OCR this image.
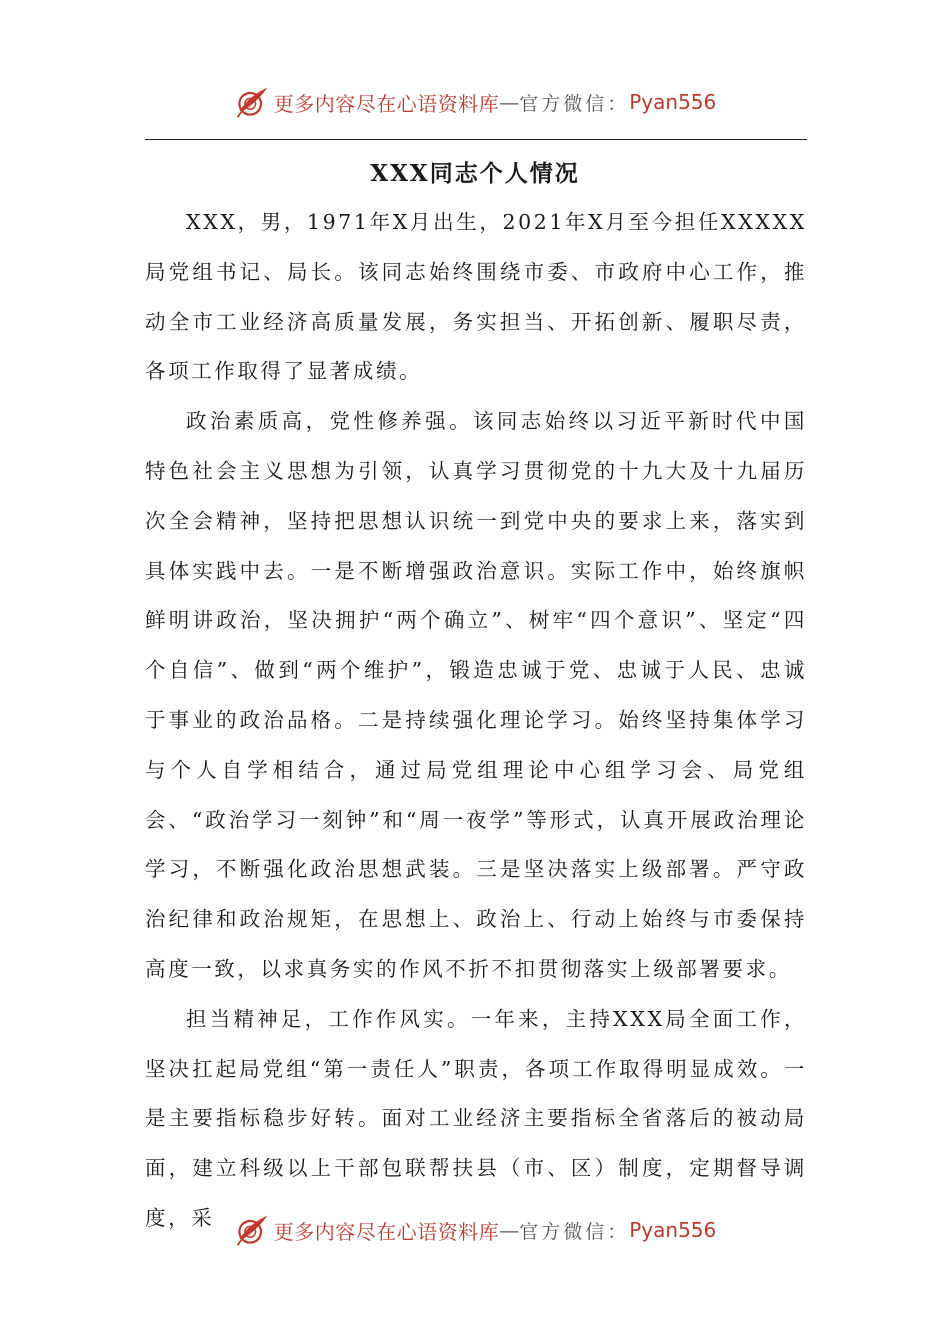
更多内容尽在心语资料库 — 官方微信： Pyan556
XXX同志个人情况

XXX，男，1971年X月出生，2021年X月至今担任XXXXX局党组书记、局长。该同志始终围绕市委、市政府中心工作，推动全市工业经济高质量发展，务实担当、开拓创新、履职尽责，各项工作取得了显著成绩。

政治素质高，党性修养强。该同志始终以习近平新时代中国特色社会主义思想为引领，认真学习贯彻党的十九大及十九届历次全会精神，坚持把思想认识统一到党中央的要求上来，落实到具体实践中去。一是不断增强政治意识。实际工作中，始终旗帜鲜明讲政治，坚决拥护“两个确立”、树牢“四个意识”、坚定“四个自信”、做到“两个维护”，锻造忠诚于党、忠诚于人民、忠诚于事业的政治品格。二是持续强化理论学习。始终坚持集体学习与个人自学相结合，通过局党组理论中心组学习会、局党组会、“政治学习一刻钟”和“周一夜学”等形式，认真开展政治理论学习，不断强化政治思想武装。三是坚决落实上级部署。严守政治纪律和政治规矩，在思想上、政治上、行动上始终与市委保持高度一致，以求真务实的作风不折不扣贯彻落实上级部署要求。

担当精神足，工作作风实。一年来，主持XXX局全面工作，坚决扛起局党组“第一责任人”职责，各项工作取得明显成效。一是主要指标稳步好转。面对工业经济主要指标全省落后的被动局面，建立科级以上干部包联帮扶县（市、区）制度，定期督导调度，采

更多内容尽在心语资料库 — 官方微信： Pyan556
